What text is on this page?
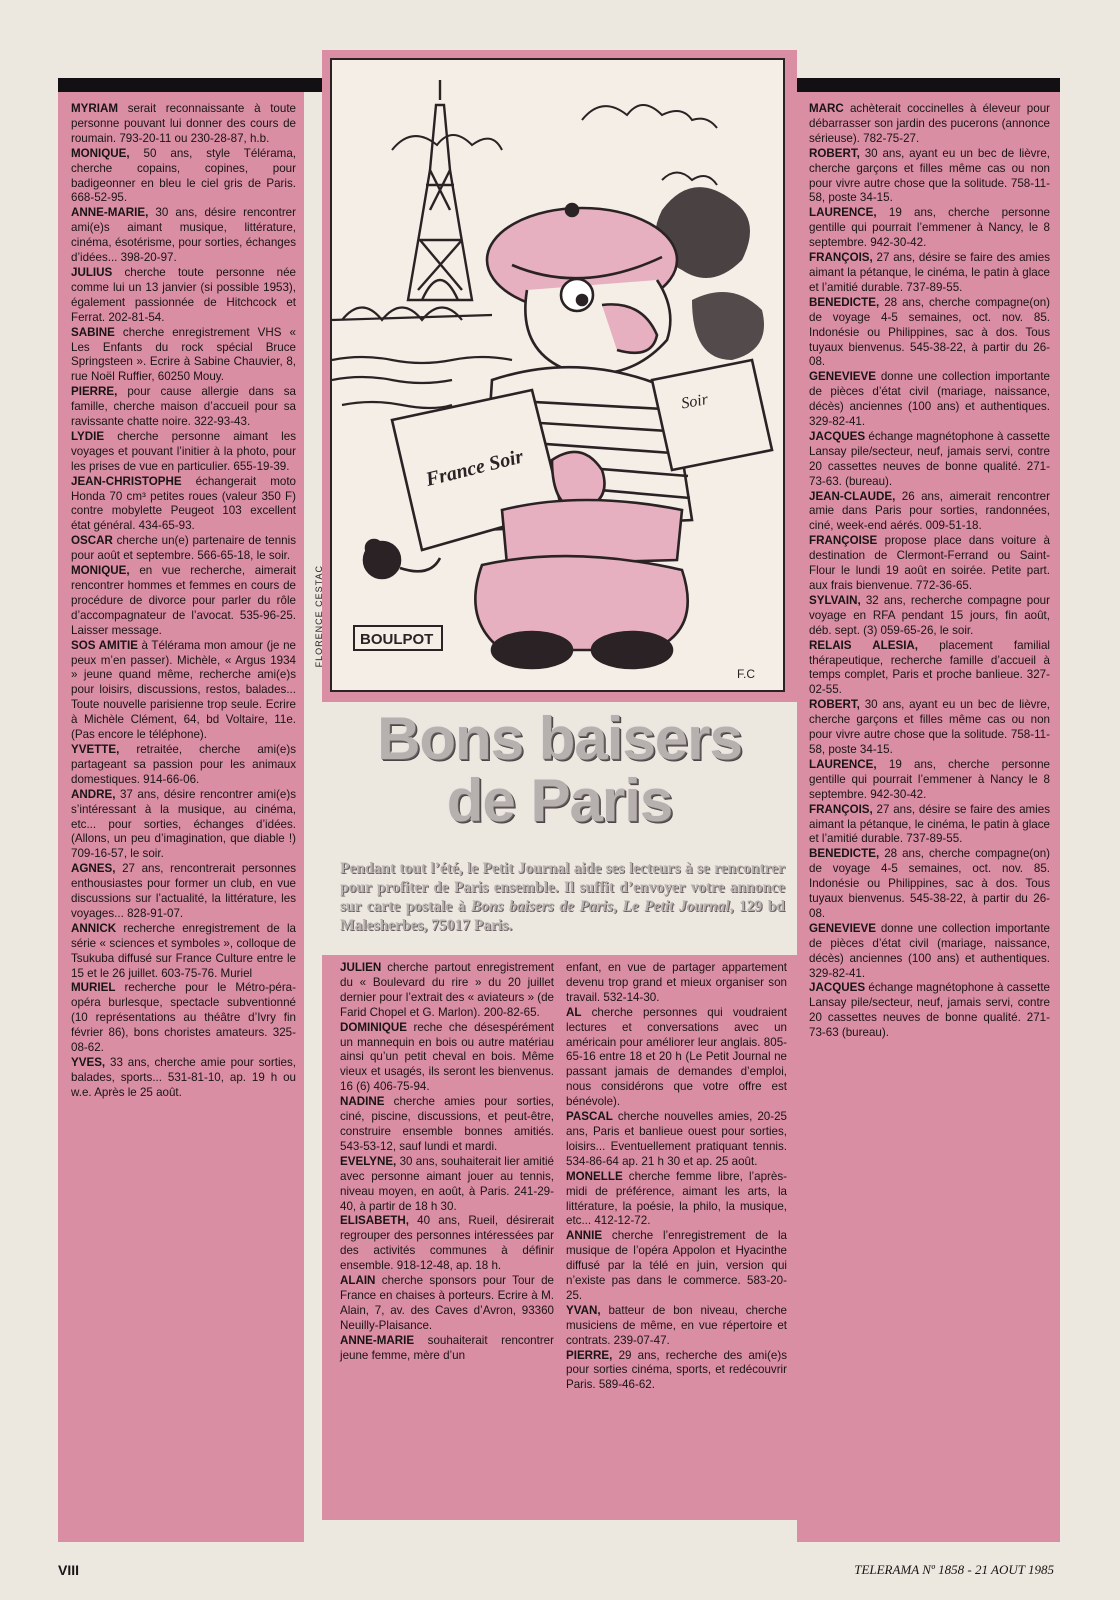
MYRIAM serait reconnaissante à toute personne pouvant lui donner des cours de roumain. 793-20-11 ou 230-28-87, h.b.

MONIQUE, 50 ans, style Télérama, cherche copains, copines, pour badigeonner en bleu le ciel gris de Paris. 668-52-95.

ANNE-MARIE, 30 ans, désire rencontrer ami(e)s aimant musique, littérature, cinéma, ésotérisme, pour sorties, échanges d’idées... 398-20-97.

JULIUS cherche toute personne née comme lui un 13 janvier (si possible 1953), également passionnée de Hitchcock et Ferrat. 202-81-54.

SABINE cherche enregistrement VHS « Les Enfants du rock spécial Bruce Springsteen ». Ecrire à Sabine Chauvier, 8, rue Noël Ruffier, 60250 Mouy.

PIERRE, pour cause allergie dans sa famille, cherche maison d’accueil pour sa ravissante chatte noire. 322-93-43.

LYDIE cherche personne aimant les voyages et pouvant l’initier à la photo, pour les prises de vue en particulier. 655-19-39.

JEAN-CHRISTOPHE échangerait moto Honda 70 cm³ petites roues (valeur 350 F) contre mobylette Peugeot 103 excellent état général. 434-65-93.

OSCAR cherche un(e) partenaire de tennis pour août et septembre. 566-65-18, le soir.

MONIQUE, en vue recherche, aimerait rencontrer hommes et femmes en cours de procédure de divorce pour parler du rôle d’accompagnateur de l’avocat. 535-96-25. Laisser message.

SOS AMITIE à Télérama mon amour (je ne peux m’en passer). Michèle, « Argus 1934 » jeune quand même, recherche ami(e)s pour loisirs, discussions, restos, balades... Toute nouvelle parisienne trop seule. Ecrire à Michèle Clément, 64, bd Voltaire, 11e. (Pas encore le téléphone).

YVETTE, retraitée, cherche ami(e)s partageant sa passion pour les animaux domestiques. 914-66-06.

ANDRE, 37 ans, désire rencontrer ami(e)s s’intéressant à la musique, au cinéma, etc... pour sorties, échanges d’idées. (Allons, un peu d’imagination, que diable !) 709-16-57, le soir.

AGNES, 27 ans, rencontrerait personnes enthousiastes pour former un club, en vue discussions sur l’actualité, la littérature, les voyages... 828-91-07.

ANNICK recherche enregistrement de la série « sciences et symboles », colloque de Tsukuba diffusé sur France Culture entre le 15 et le 26 juillet. 603-75-76. Muriel

MURIEL recherche pour le Métro-péra-opéra burlesque, spectacle subventionné (10 représentations au théâtre d’Ivry fin février 86), bons choristes amateurs. 325-08-62.

YVES, 33 ans, cherche amie pour sorties, balades, sports... 531-81-10, ap. 19 h ou w.e. Après le 25 août.

France Soir
Soir
BOULPOT
F.C
FLORENCE CESTAC
Bons baisers
de Paris
Pendant tout l’été, le Petit Journal aide ses lecteurs à se rencontrer pour profiter de Paris ensemble. Il suffit d’envoyer votre annonce sur carte postale à Bons baisers de Paris, Le Petit Journal, 129 bd Malesherbes, 75017 Paris.

JULIEN cherche partout enregistrement du « Boulevard du rire » du 20 juillet dernier pour l’extrait des « aviateurs » (de Farid Chopel et G. Marlon). 200-82-65.

DOMINIQUE reche che désespérément un mannequin en bois ou autre matériau ainsi qu’un petit cheval en bois. Même vieux et usagés, ils seront les bienvenus. 16 (6) 406-75-94.

NADINE cherche amies pour sorties, ciné, piscine, discussions, et peut-être, construire ensemble bonnes amitiés. 543-53-12, sauf lundi et mardi.

EVELYNE, 30 ans, souhaiterait lier amitié avec personne aimant jouer au tennis, niveau moyen, en août, à Paris. 241-29-40, à partir de 18 h 30.

ELISABETH, 40 ans, Rueil, désirerait regrouper des personnes intéressées par des activités communes à définir ensemble. 918-12-48, ap. 18 h.

ALAIN cherche sponsors pour Tour de France en chaises à porteurs. Ecrire à M. Alain, 7, av. des Caves d’Avron, 93360 Neuilly-Plaisance.

ANNE-MARIE souhaiterait rencontrer jeune femme, mère d’un

enfant, en vue de partager appartement devenu trop grand et mieux organiser son travail. 532-14-30.

AL cherche personnes qui voudraient lectures et conversations avec un américain pour améliorer leur anglais. 805-65-16 entre 18 et 20 h (Le Petit Journal ne passant jamais de demandes d’emploi, nous considérons que votre offre est bénévole).

PASCAL cherche nouvelles amies, 20-25 ans, Paris et banlieue ouest pour sorties, loisirs... Eventuellement pratiquant tennis. 534-86-64 ap. 21 h 30 et ap. 25 août.

MONELLE cherche femme libre, l’après-midi de préférence, aimant les arts, la littérature, la poésie, la philo, la musique, etc... 412-12-72.

ANNIE cherche l’enregistrement de la musique de l’opéra Appolon et Hyacinthe diffusé par la télé en juin, version qui n’existe pas dans le commerce. 583-20-25.

YVAN, batteur de bon niveau, cherche musiciens de même, en vue répertoire et contrats. 239-07-47.

PIERRE, 29 ans, recherche des ami(e)s pour sorties cinéma, sports, et redécouvrir Paris. 589-46-62.

MARC achèterait coccinelles à éleveur pour débarrasser son jardin des pucerons (annonce sérieuse). 782-75-27.

ROBERT, 30 ans, ayant eu un bec de lièvre, cherche garçons et filles même cas ou non pour vivre autre chose que la solitude. 758-11-58, poste 34-15.

LAURENCE, 19 ans, cherche personne gentille qui pourrait l’emmener à Nancy, le 8 septembre. 942-30-42.

FRANÇOIS, 27 ans, désire se faire des amies aimant la pétanque, le cinéma, le patin à glace et l’amitié durable. 737-89-55.

BENEDICTE, 28 ans, cherche compagne(on) de voyage 4-5 semaines, oct. nov. 85. Indonésie ou Philippines, sac à dos. Tous tuyaux bienvenus. 545-38-22, à partir du 26-08.

GENEVIEVE donne une collection importante de pièces d’état civil (mariage, naissance, décès) anciennes (100 ans) et authentiques. 329-82-41.

JACQUES échange magnétophone à cassette Lansay pile/secteur, neuf, jamais servi, contre 20 cassettes neuves de bonne qualité. 271-73-63. (bureau).

JEAN-CLAUDE, 26 ans, aimerait rencontrer amie dans Paris pour sorties, randonnées, ciné, week-end aérés. 009-51-18.

FRANÇOISE propose place dans voiture à destination de Clermont-Ferrand ou Saint-Flour le lundi 19 août en soirée. Petite part. aux frais bienvenue. 772-36-65.

SYLVAIN, 32 ans, recherche compagne pour voyage en RFA pendant 15 jours, fin août, déb. sept. (3) 059-65-26, le soir.

RELAIS ALESIA, placement familial thérapeutique, recherche famille d’accueil à temps complet, Paris et proche banlieue. 327-02-55.

ROBERT, 30 ans, ayant eu un bec de lièvre, cherche garçons et filles même cas ou non pour vivre autre chose que la solitude. 758-11-58, poste 34-15.

LAURENCE, 19 ans, cherche personne gentille qui pourrait l’emmener à Nancy le 8 septembre. 942-30-42.

FRANÇOIS, 27 ans, désire se faire des amies aimant la pétanque, le cinéma, le patin à glace et l’amitié durable. 737-89-55.

BENEDICTE, 28 ans, cherche compagne(on) de voyage 4-5 semaines, oct. nov. 85. Indonésie ou Philippines, sac à dos. Tous tuyaux bienvenus. 545-38-22, à partir du 26-08.

GENEVIEVE donne une collection importante de pièces d’état civil (mariage, naissance, décès) anciennes (100 ans) et authentiques. 329-82-41.

JACQUES échange magnétophone à cassette Lansay pile/secteur, neuf, jamais servi, contre 20 cassettes neuves de bonne qualité. 271-73-63 (bureau).

VIII	TELERAMA Nº 1858 - 21 AOUT 1985
